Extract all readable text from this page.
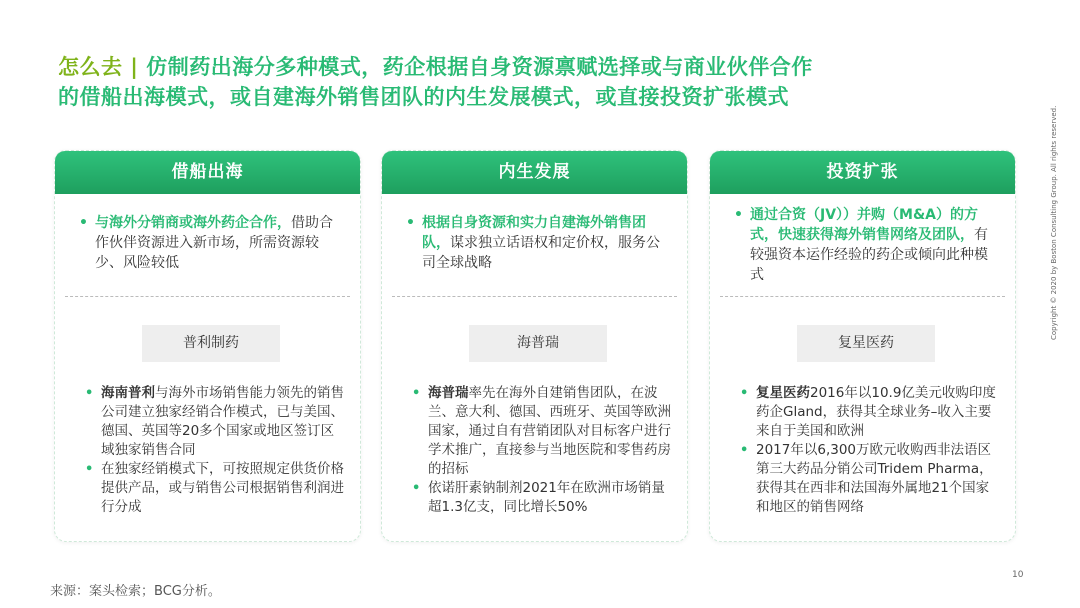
怎么去 | 仿制药出海分多种模式，药企根据自身资源禀赋选择或与商业伙伴合作
的借船出海模式，或自建海外销售团队的内生发展模式，或直接投资扩张模式
借船出海
• 与海外分销商或海外药企合作，借助合作伙伴资源进入新市场，所需资源较少、风险较低
普利制药
• 海南普利与海外市场销售能力领先的销售公司建立独家经销合作模式，已与美国、德国、英国等20多个国家或地区签订区域独家销售合同
• 在独家经销模式下，可按照规定供货价格提供产品，或与销售公司根据销售利润进行分成
内生发展
• 根据自身资源和实力自建海外销售团队，谋求独立话语权和定价权，服务公司全球战略
海普瑞
• 海普瑞率先在海外自建销售团队，在波兰、意大利、德国、西班牙、英国等欧洲国家，通过自有营销团队对目标客户进行学术推广，直接参与当地医院和零售药房的招标
• 依诺肝素钠制剂2021年在欧洲市场销量超1.3亿支，同比增长50%
投资扩张
• 通过合资（JV））并购（M&A）的方式，快速获得海外销售网络及团队，有较强资本运作经验的药企或倾向此种模式
复星医药
• 复星医药2016年以10.9亿美元收购印度药企Gland，获得其全球业务–收入主要来自于美国和欧洲
• 2017年以6,300万欧元收购西非法语区第三大药品分销公司Tridem Pharma，获得其在西非和法国海外属地21个国家和地区的销售网络
来源：案头检索；BCG分析。
10
Copyright © 2020 by Boston Consulting Group. All rights reserved.
